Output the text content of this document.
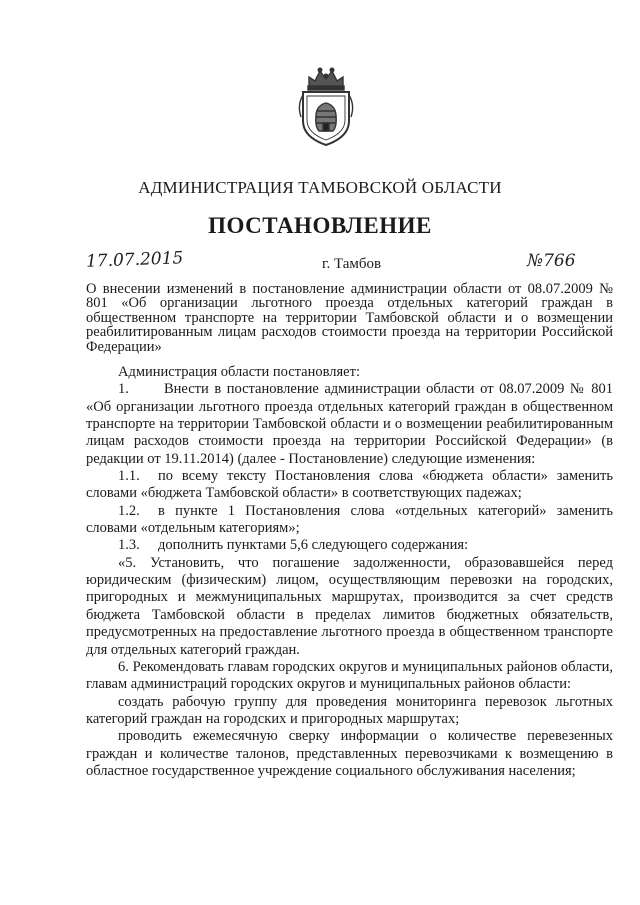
АДМИНИСТРАЦИЯ ТАМБОВСКОЙ ОБЛАСТИ
ПОСТАНОВЛЕНИЕ
17.07.2015	г. Тамбов	№766
О внесении изменений в постановление администрации области от 08.07.2009 № 801 «Об организации льготного проезда отдельных категорий граждан в общественном транспорте на территории Тамбовской области и о возмещении реабилитированным лицам расходов стоимости проезда на территории Российской Федерации»

Администрация области постановляет:

1. Внести в постановление администрации области от 08.07.2009 № 801 «Об организации льготного проезда отдельных категорий граждан в общественном транспорте на территории Тамбовской области и о возмещении реабилитированным лицам расходов стоимости проезда на территории Российской Федерации» (в редакции от 19.11.2014) (далее - Постановление) следующие изменения:

1.1. по всему тексту Постановления слова «бюджета области» заменить словами «бюджета Тамбовской области» в соответствующих падежах;

1.2. в пункте 1 Постановления слова «отдельных категорий» заменить словами «отдельным категориям»;

1.3. дополнить пунктами 5,6 следующего содержания:

«5. Установить, что погашение задолженности, образовавшейся перед юридическим (физическим) лицом, осуществляющим перевозки на городских, пригородных и межмуниципальных маршрутах, производится за счет средств бюджета Тамбовской области в пределах лимитов бюджетных обязательств, предусмотренных на предоставление льготного проезда в общественном транспорте для отдельных категорий граждан.

6. Рекомендовать главам городских округов и муниципальных районов области, главам администраций городских округов и муниципальных районов области:

создать рабочую группу для проведения мониторинга перевозок льготных категорий граждан на городских и пригородных маршрутах;

проводить ежемесячную сверку информации о количестве перевезенных граждан и количестве талонов, представленных перевозчиками к возмещению в областное государственное учреждение социального обслуживания населения;
